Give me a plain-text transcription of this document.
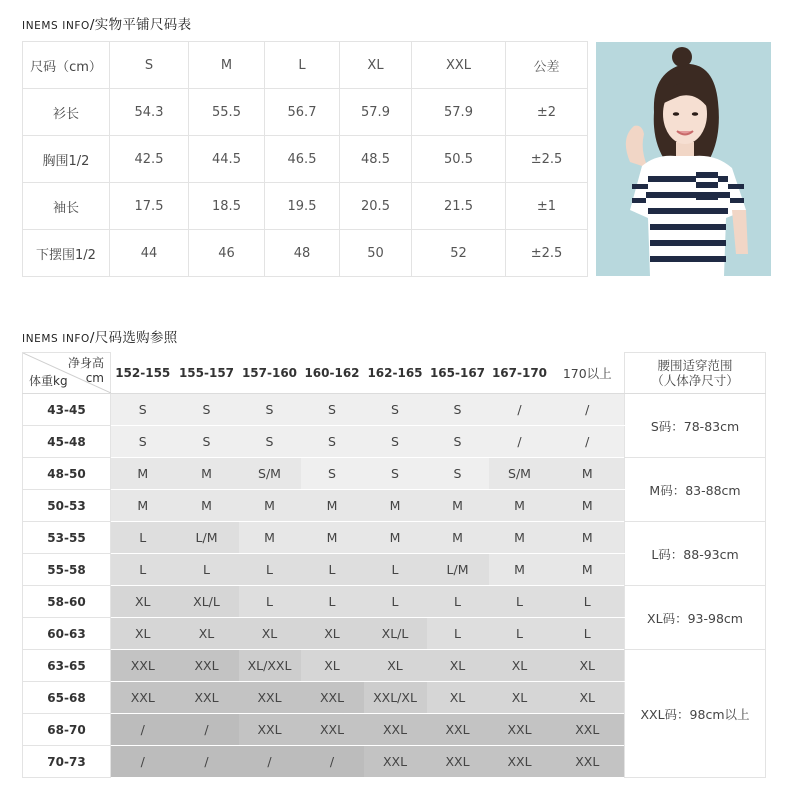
INEMS INFO/实物平铺尺码表
尺码（cm）	S	M	L	XL	XXL	公差
衫长	54.3	55.5	56.7	57.9	57.9	±2
胸围1/2	42.5	44.5	46.5	48.5	50.5	±2.5
袖长	17.5	18.5	19.5	20.5	21.5	±1
下摆围1/2	44	46	48	50	52	±2.5
INEMS INFO/尺码选购参照
净身高
cm
体重kg	152-155	155-157	157-160	160-162	162-165	165-167	167-170	170以上	腰围适穿范围
（人体净尺寸）

43-45	S	S	S	S	S	S	/	/	S码：78-83cm
45-48	S	S	S	S	S	S	/	/	
48-50	M	M	S/M	S	S	S	S/M	M	M码：83-88cm
50-53	M	M	M	M	M	M	M	M	
53-55	L	L/M	M	M	M	M	M	M	L码：88-93cm
55-58	L	L	L	L	L	L/M	M	M	
58-60	XL	XL/L	L	L	L	L	L	L	XL码：93-98cm
60-63	XL	XL	XL	XL	XL/L	L	L	L	
63-65	XXL	XXL	XL/XXL	XL	XL	XL	XL	XL	XXL码：98cm以上
65-68	XXL	XXL	XXL	XXL	XXL/XL	XL	XL	XL	
68-70	/	/	XXL	XXL	XXL	XXL	XXL	XXL	
70-73	/	/	/	/	XXL	XXL	XXL	XXL	
